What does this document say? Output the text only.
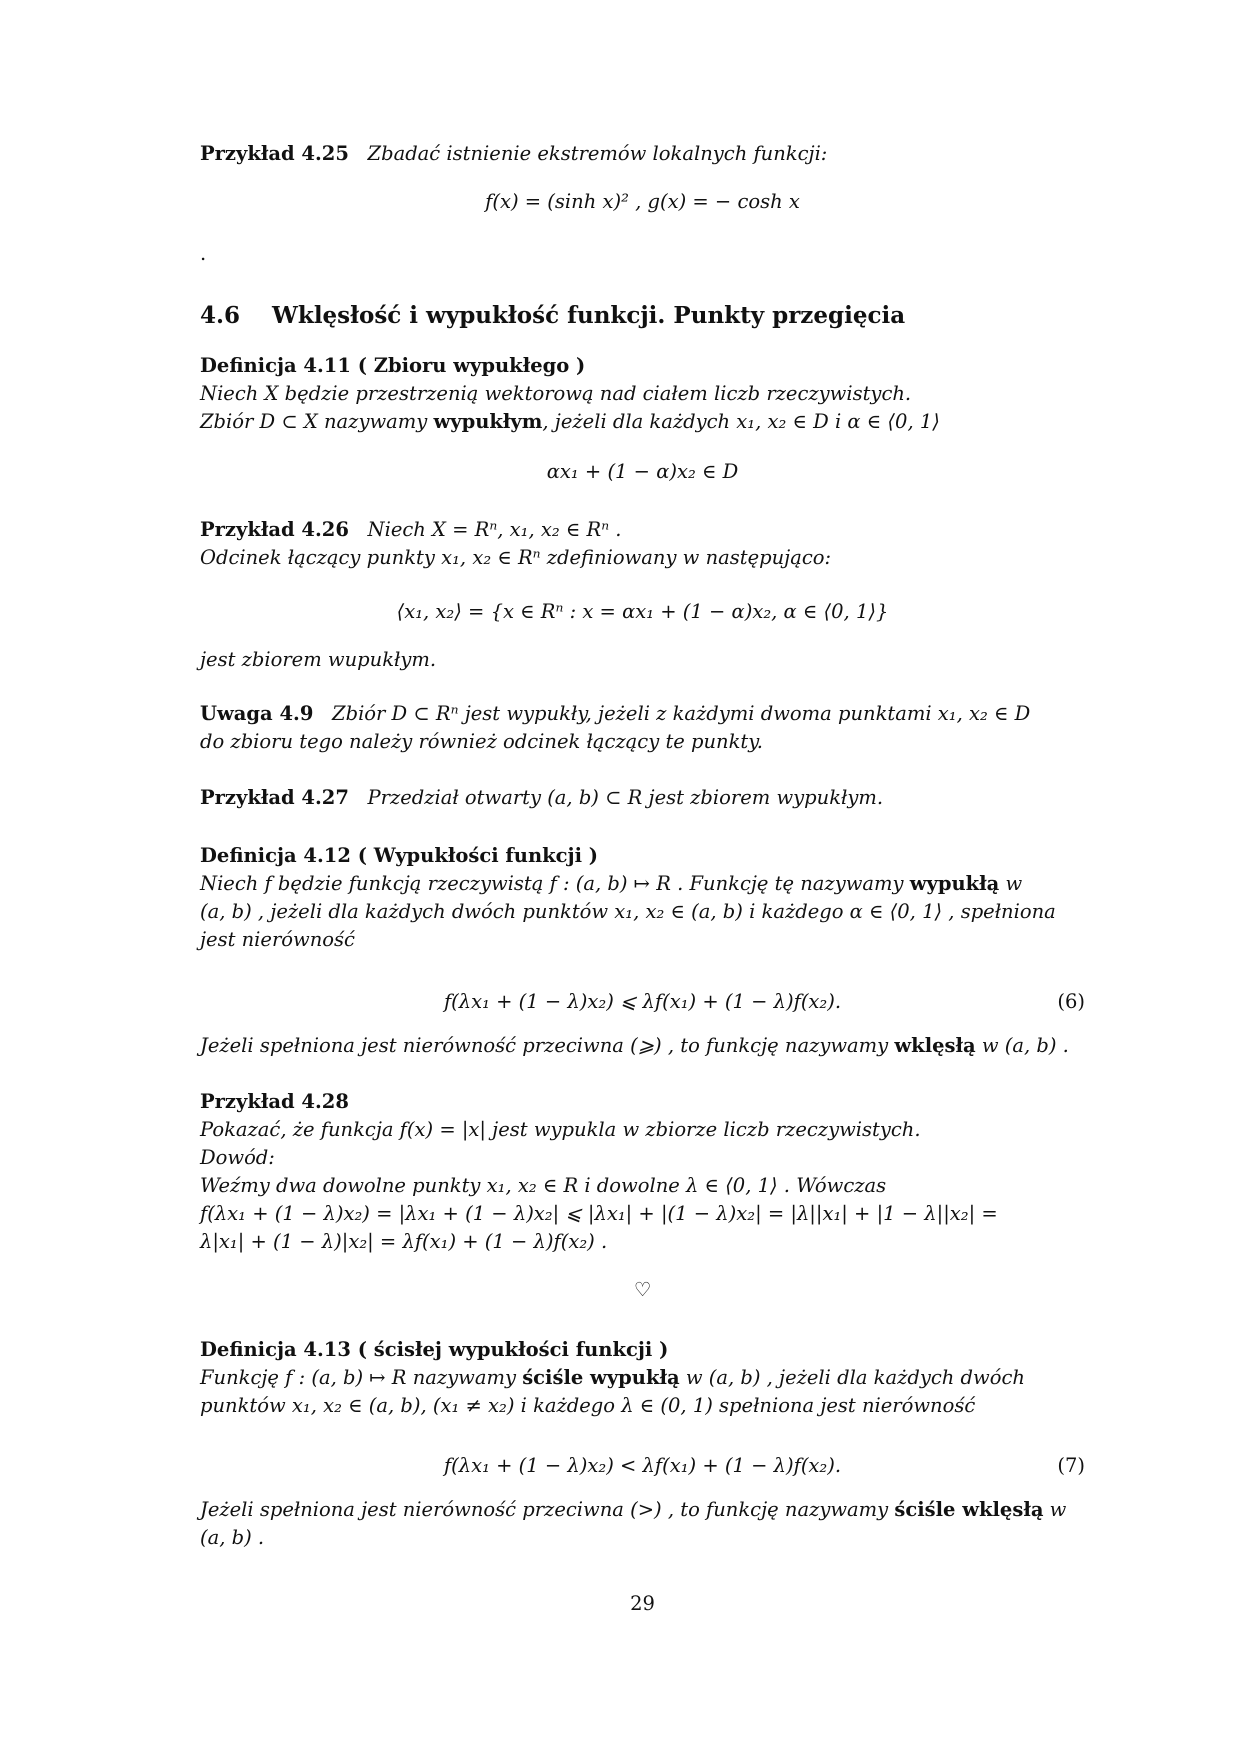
Przykład 4.25 Zbadać istnienie ekstremów lokalnych funkcji:
f(x) = (sinh x)² , g(x) = − cosh x
.
4.6 Wklęsłość i wypukłość funkcji. Punkty przegięcia
Definicja 4.11 ( Zbioru wypukłego )
Niech X będzie przestrzenią wektorową nad ciałem liczb rzeczywistych.
Zbiór D ⊂ X nazywamy wypukłym, jeżeli dla każdych x₁, x₂ ∈ D i α ∈ ⟨0, 1⟩
αx₁ + (1 − α)x₂ ∈ D
Przykład 4.26 Niech X = Rⁿ, x₁, x₂ ∈ Rⁿ .
Odcinek łączący punkty x₁, x₂ ∈ Rⁿ zdefiniowany w następująco:
⟨x₁, x₂⟩ = {x ∈ Rⁿ : x = αx₁ + (1 − α)x₂, α ∈ ⟨0, 1⟩}
jest zbiorem wupukłym.
Uwaga 4.9 Zbiór D ⊂ Rⁿ jest wypukły, jeżeli z każdymi dwoma punktami x₁, x₂ ∈ D
do zbioru tego należy również odcinek łączący te punkty.
Przykład 4.27 Przedział otwarty (a, b) ⊂ R jest zbiorem wypukłym.
Definicja 4.12 ( Wypukłości funkcji )
Niech f będzie funkcją rzeczywistą f : (a, b) ↦ R . Funkcję tę nazywamy wypukłą w
(a, b) , jeżeli dla każdych dwóch punktów x₁, x₂ ∈ (a, b) i każdego α ∈ ⟨0, 1⟩ , spełniona
jest nierówność
f(λx₁ + (1 − λ)x₂) ⩽ λf(x₁) + (1 − λ)f(x₂).	(6)
Jeżeli spełniona jest nierówność przeciwna (⩾) , to funkcję nazywamy wklęsłą w (a, b) .
Przykład 4.28
Pokazać, że funkcja f(x) = |x| jest wypukla w zbiorze liczb rzeczywistych.
Dowód:
Weźmy dwa dowolne punkty x₁, x₂ ∈ R i dowolne λ ∈ ⟨0, 1⟩ . Wówczas
f(λx₁ + (1 − λ)x₂) = |λx₁ + (1 − λ)x₂| ⩽ |λx₁| + |(1 − λ)x₂| = |λ||x₁| + |1 − λ||x₂| =
λ|x₁| + (1 − λ)|x₂| = λf(x₁) + (1 − λ)f(x₂) .
♡
Definicja 4.13 ( ścisłej wypukłości funkcji )
Funkcję f : (a, b) ↦ R nazywamy ściśle wypukłą w (a, b) , jeżeli dla każdych dwóch
punktów x₁, x₂ ∈ (a, b), (x₁ ≠ x₂) i każdego λ ∈ (0, 1) spełniona jest nierówność
f(λx₁ + (1 − λ)x₂) < λf(x₁) + (1 − λ)f(x₂).	(7)
Jeżeli spełniona jest nierówność przeciwna (>) , to funkcję nazywamy ściśle wklęsłą w
(a, b) .
29
